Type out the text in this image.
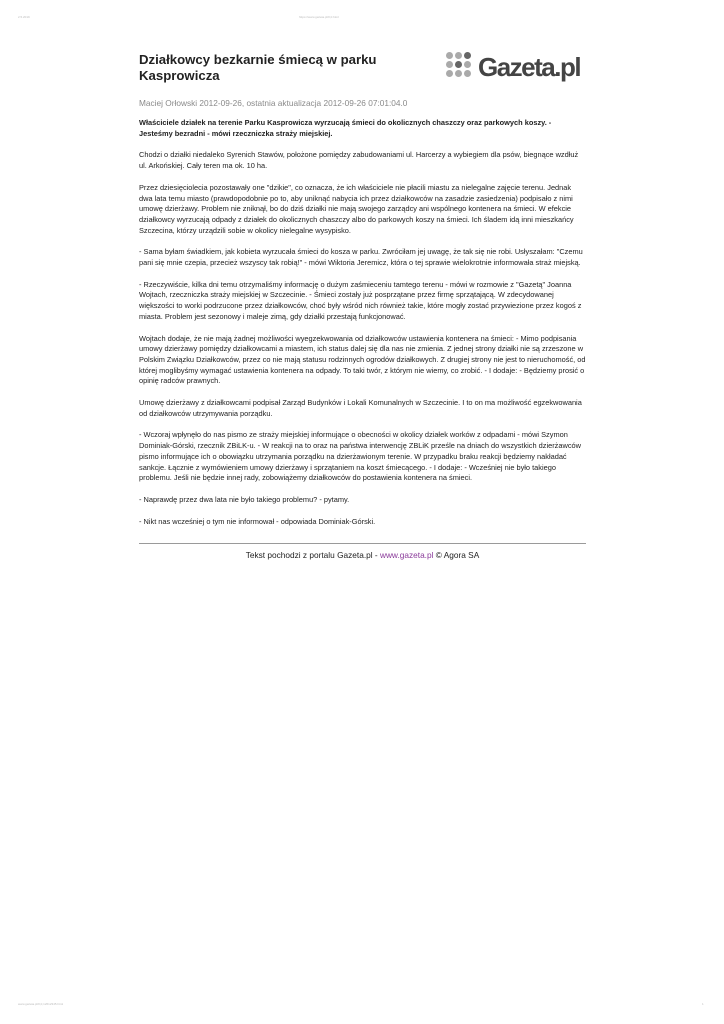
2.5.2019	https://www.gazeta.pl/0,0.html
Działkowcy bezkarnie śmiecą w parku Kasprowicza	Gazeta.pl
Maciej Orłowski 2012-09-26, ostatnia aktualizacja 2012-09-26 07:01:04.0
Właściciele działek na terenie Parku Kasprowicza wyrzucają śmieci do okolicznych chaszczy oraz parkowych koszy. - Jesteśmy bezradni - mówi rzeczniczka straży miejskiej.

Chodzi o działki niedaleko Syrenich Stawów, położone pomiędzy zabudowaniami ul. Harcerzy a wybiegiem dla psów, biegnące wzdłuż ul. Arkońskiej. Cały teren ma ok. 10 ha.

Przez dziesięciolecia pozostawały one "dzikie", co oznacza, że ich właściciele nie płacili miastu za nielegalne zajęcie terenu. Jednak dwa lata temu miasto (prawdopodobnie po to, aby uniknąć nabycia ich przez działkowców na zasadzie zasiedzenia) podpisało z nimi umowę dzierżawy. Problem nie zniknął, bo do dziś działki nie mają swojego zarządcy ani wspólnego kontenera na śmieci. W efekcie działkowcy wyrzucają odpady z działek do okolicznych chaszczy albo do parkowych koszy na śmieci. Ich śladem idą inni mieszkańcy Szczecina, którzy urządzili sobie w okolicy nielegalne wysypisko.

- Sama byłam świadkiem, jak kobieta wyrzucała śmieci do kosza w parku. Zwróciłam jej uwagę, że tak się nie robi. Usłyszałam: "Czemu pani się mnie czepia, przecież wszyscy tak robią!" - mówi Wiktoria Jeremicz, która o tej sprawie wielokrotnie informowała straż miejską.

- Rzeczywiście, kilka dni temu otrzymaliśmy informację o dużym zaśmieceniu tamtego terenu - mówi w rozmowie z "Gazetą" Joanna Wojtach, rzeczniczka straży miejskiej w Szczecinie. - Śmieci zostały już posprzątane przez firmę sprzątającą. W zdecydowanej większości to worki podrzucone przez działkowców, choć były wśród nich również takie, które mogły zostać przywiezione przez kogoś z miasta. Problem jest sezonowy i maleje zimą, gdy działki przestają funkcjonować.

Wojtach dodaje, że nie mają żadnej możliwości wyegzekwowania od działkowców ustawienia kontenera na śmieci: - Mimo podpisania umowy dzierżawy pomiędzy działkowcami a miastem, ich status dalej się dla nas nie zmienia. Z jednej strony działki nie są zrzeszone w Polskim Związku Działkowców, przez co nie mają statusu rodzinnych ogrodów działkowych. Z drugiej strony nie jest to nieruchomość, od której moglibyśmy wymagać ustawienia kontenera na odpady. To taki twór, z którym nie wiemy, co zrobić. - I dodaje: - Będziemy prosić o opinię radców prawnych.

Umowę dzierżawy z działkowcami podpisał Zarząd Budynków i Lokali Komunalnych w Szczecinie. I to on ma możliwość egzekwowania od działkowców utrzymywania porządku.

- Wczoraj wpłynęło do nas pismo ze straży miejskiej informujące o obecności w okolicy działek worków z odpadami - mówi Szymon Dominiak-Górski, rzecznik ZBiLK-u. - W reakcji na to oraz na państwa interwencję ZBLiK prześle na dniach do wszystkich dzierżawców pismo informujące ich o obowiązku utrzymania porządku na dzierżawionym terenie. W przypadku braku reakcji będziemy nakładać sankcje. Łącznie z wymówieniem umowy dzierżawy i sprzątaniem na koszt śmiecącego. - I dodaje: - Wcześniej nie było takiego problemu. Jeśli nie będzie innej rady, zobowiążemy działkowców do postawienia kontenera na śmieci.

- Naprawdę przez dwa lata nie było takiego problemu? - pytamy.

- Nikt nas wcześniej o tym nie informował - odpowiada Dominiak-Górski.

Tekst pochodzi z portalu Gazeta.pl - www.gazeta.pl © Agora SA
www.gazeta.pl/0,0,12612345.html	1
